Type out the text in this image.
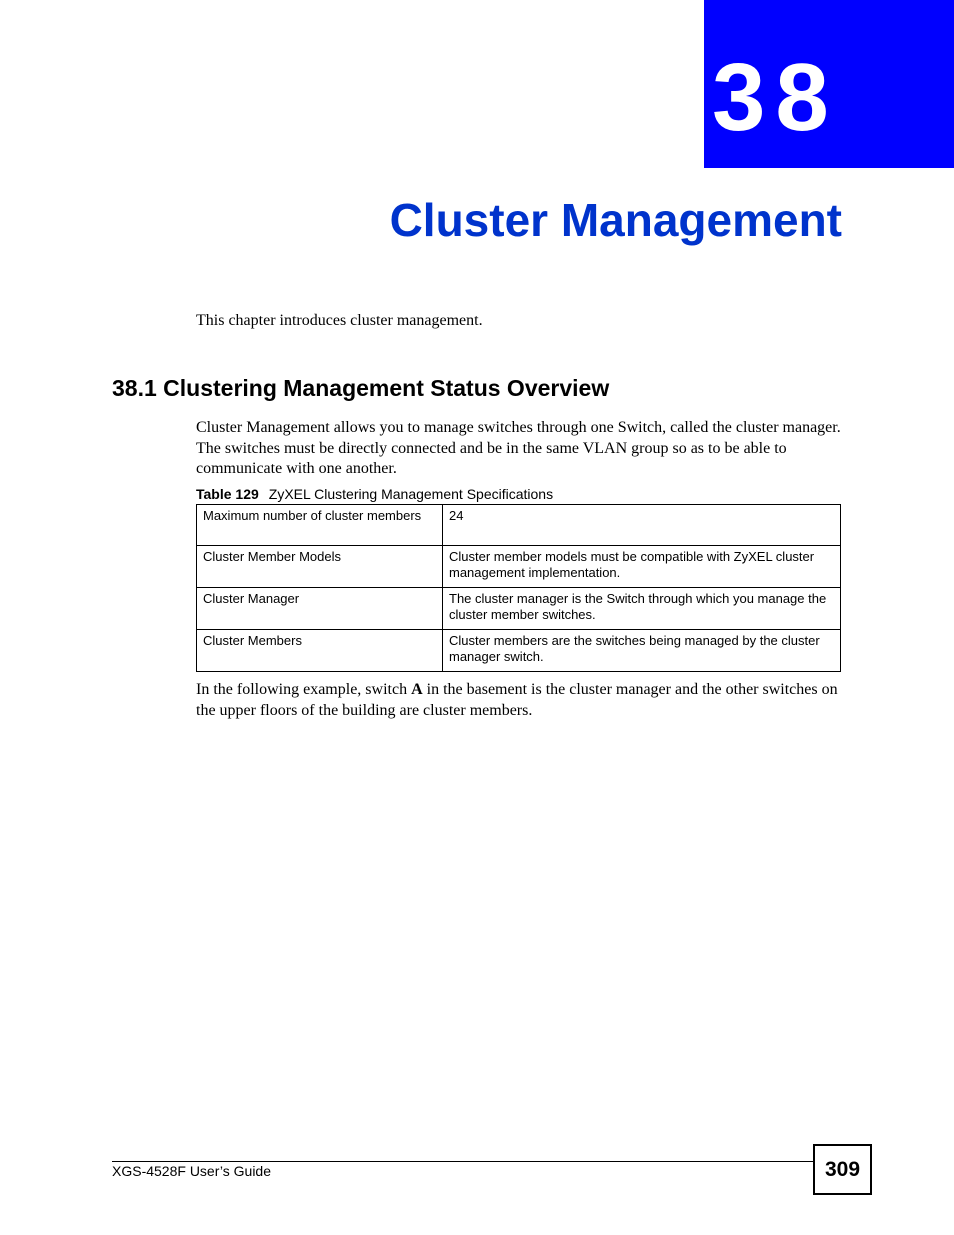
38
Cluster Management

This chapter introduces cluster management.

38.1 Clustering Management Status Overview

Cluster Management allows you to manage switches through one Switch, called the cluster manager. The switches must be directly connected and be in the same VLAN group so as to be able to communicate with one another.

Table 129 ZyXEL Clustering Management Specifications
Maximum number of cluster members	24
Cluster Member Models	Cluster member models must be compatible with ZyXEL cluster management implementation.
Cluster Manager	The cluster manager is the Switch through which you manage the cluster member switches.
Cluster Members	Cluster members are the switches being managed by the cluster manager switch.

In the following example, switch A in the basement is the cluster manager and the other switches on the upper floors of the building are cluster members.

XGS-4528F User’s Guide	309
